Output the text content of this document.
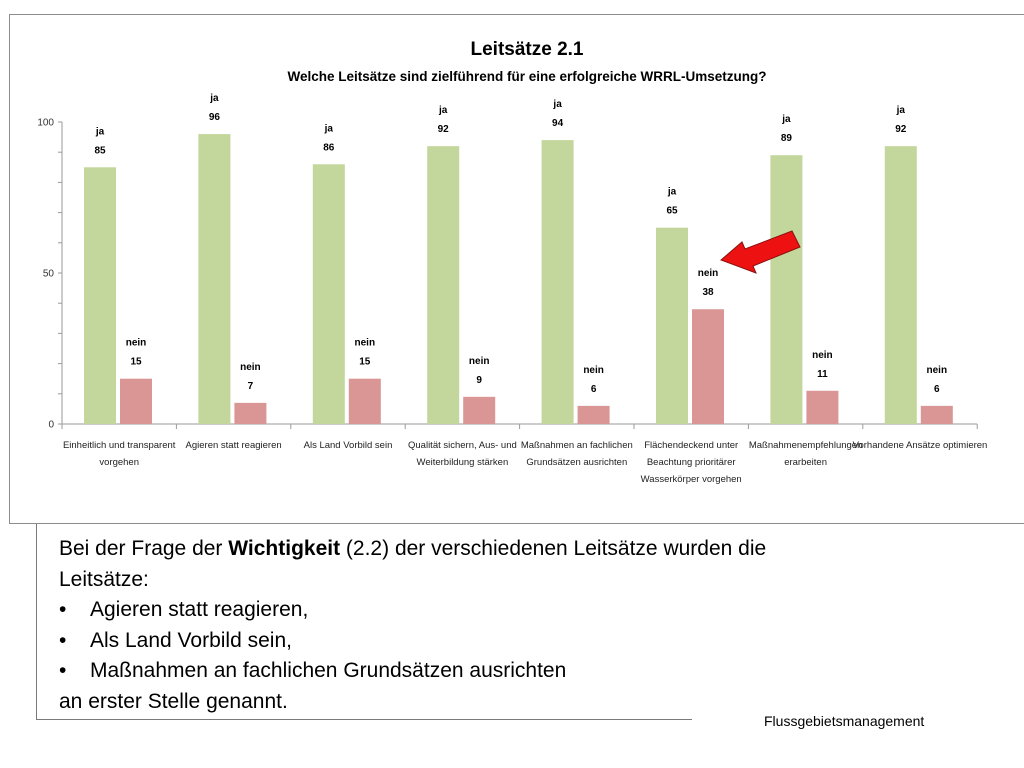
Leitsätze 2.1
Welche Leitsätze sind zielführend für eine erfolgreiche WRRL-Umsetzung?
0
50
100
ja
85
ja
96
ja
86
ja
92
ja
94
ja
65
ja
89
ja
92
nein
15	nein
7
nein
15	nein
9
nein
6
nein
38
nein
11	nein
6
Einheitlich und transparent vorgehen
Agieren statt reagieren Als Land Vorbild sein Qualität sichern, Aus- und Weiterbildung stärken
Maßnahmen an fachlichen Grundsätzen ausrichten
Flächendeckend unter Beachtung prioritärer Wasserkörper vorgehen
Maßnahmenempfehlungen erarbeiten
Vorhandene Ansätze optimieren
Bei der Frage der Wichtigkeit (2.2) der verschiedenen Leitsätze wurden die
Leitsätze:
• Agieren statt reagieren,
• Als Land Vorbild sein,
• Maßnahmen an fachlichen Grundsätzen ausrichten
an erster Stelle genannt.
Flussgebietsmanagement
